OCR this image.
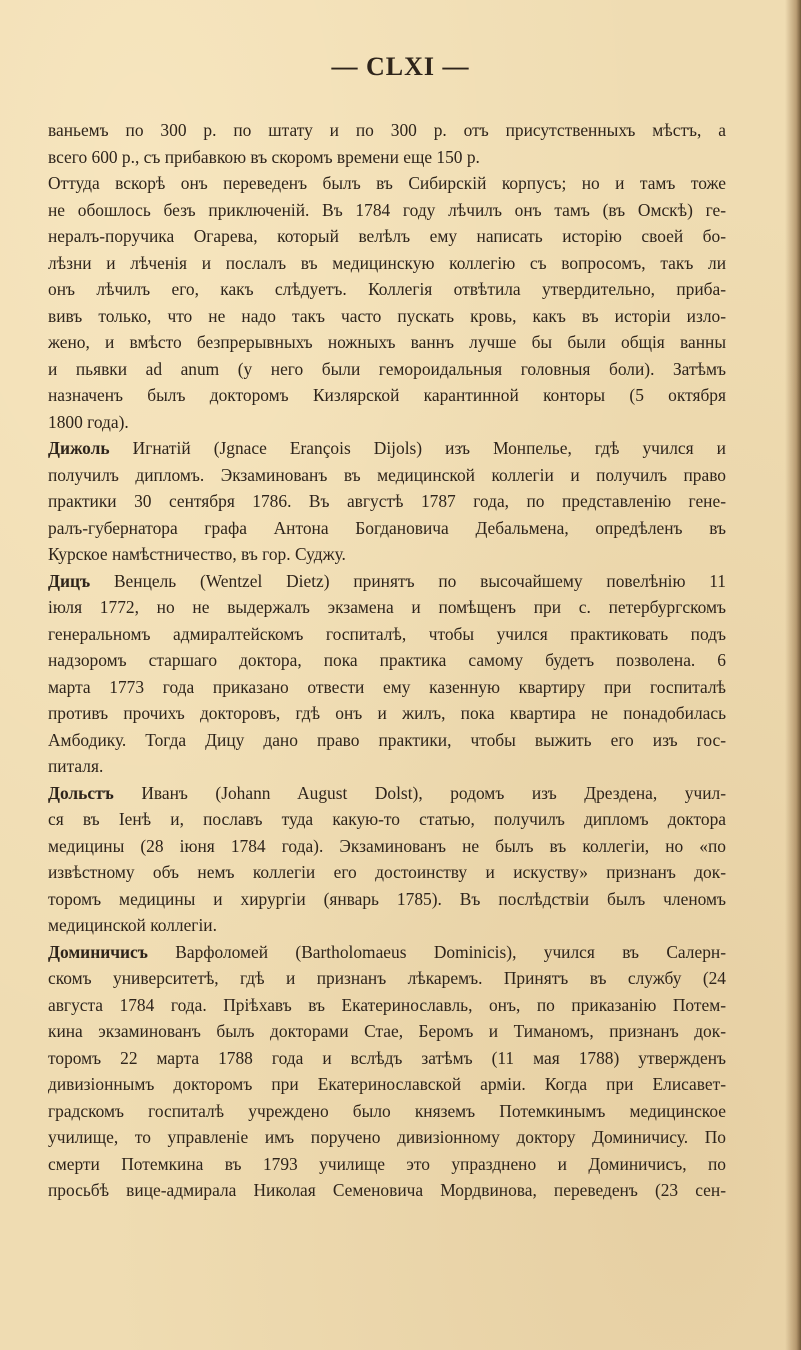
— CLXI —
ваньемъ по 300 р. по штату и по 300 р. отъ присутственныхъ мѣстъ, а
всего 600 р., съ прибавкою въ скоромъ времени еще 150 р.
Оттуда вскорѣ онъ переведенъ былъ въ Сибирскій корпусъ; но и тамъ тоже
не обошлось безъ приключеній. Въ 1784 году лѣчилъ онъ тамъ (въ Омскѣ) ге-
нералъ-поручика Огарева, который велѣлъ ему написать исторію своей бо-
лѣзни и лѣченія и послалъ въ медицинскую коллегію съ вопросомъ, такъ ли
онъ лѣчилъ его, какъ слѣдуетъ. Коллегія отвѣтила утвердительно, приба-
вивъ только, что не надо такъ часто пускать кровь, какъ въ исторіи изло-
жено, и вмѣсто безпрерывныхъ ножныхъ ваннъ лучше бы были общія ванны
и пьявки ad anum (у него были гемороидальныя головныя боли). Затѣмъ
назначенъ былъ докторомъ Кизлярской карантинной конторы (5 октября
1800 года).
Дижоль Игнатій (Jgnace Erançois Dijols) изъ Монпелье, гдѣ учился и
получилъ дипломъ. Экзаминованъ въ медицинской коллегіи и получилъ право
практики 30 сентября 1786. Въ августѣ 1787 года, по представленію гене-
ралъ-губернатора графа Антона Богдановича Дебальмена, опредѣленъ въ
Курское намѣстничество, въ гор. Суджу.
Дицъ Венцель (Wentzel Dietz) принятъ по высочайшему повелѣнію 11
іюля 1772, но не выдержалъ экзамена и помѣщенъ при с. петербургскомъ
генеральномъ адмиралтейскомъ госпиталѣ, чтобы учился практиковать подъ
надзоромъ старшаго доктора, пока практика самому будетъ позволена. 6
марта 1773 года приказано отвести ему казенную квартиру при госпиталѣ
противъ прочихъ докторовъ, гдѣ онъ и жилъ, пока квартира не понадобилась
Амбодику. Тогда Дицу дано право практики, чтобы выжить его изъ гос-
питаля.
Дольстъ Иванъ (Johann August Dolst), родомъ изъ Дрездена, учил-
ся въ Іенѣ и, пославъ туда какую-то статью, получилъ дипломъ доктора
медицины (28 іюня 1784 года). Экзаминованъ не былъ въ коллегіи, но «по
извѣстному объ немъ коллегіи его достоинству и искуству» признанъ док-
торомъ медицины и хирургіи (январь 1785). Въ послѣдствіи былъ членомъ
медицинской коллегіи.
Доминичисъ Варфоломей (Bartholomaeus Dominicis), учился въ Салерн-
скомъ университетѣ, гдѣ и признанъ лѣкаремъ. Принятъ въ службу (24
августа 1784 года. Пріѣхавъ въ Екатеринославль, онъ, по приказанію Потем-
кина экзаминованъ былъ докторами Стае, Беромъ и Тиманомъ, признанъ док-
торомъ 22 марта 1788 года и вслѣдъ затѣмъ (11 мая 1788) утвержденъ
дивизіоннымъ докторомъ при Екатеринославской арміи. Когда при Елисавет-
градскомъ госпиталѣ учреждено было княземъ Потемкинымъ медицинское
училище, то управленіе имъ поручено дивизіонному доктору Доминичису. По
смерти Потемкина въ 1793 училище это упразднено и Доминичисъ, по
просьбѣ вице-адмирала Николая Семеновича Мордвинова, переведенъ (23 сен-
